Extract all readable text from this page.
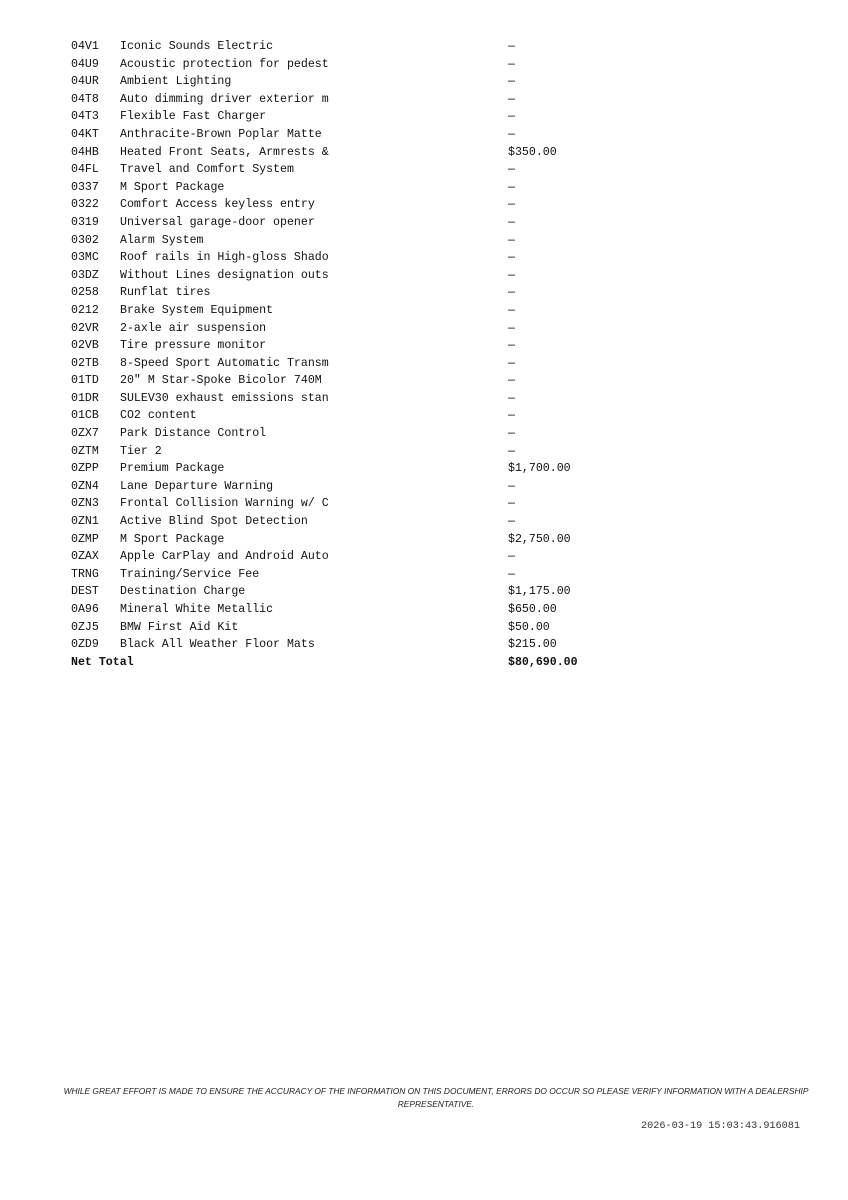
04V1 Iconic Sounds Electric	—
04U9 Acoustic protection for pedest	—
04UR Ambient Lighting	—
04T8 Auto dimming driver exterior m	—
04T3 Flexible Fast Charger	—
04KT Anthracite-Brown Poplar Matte	—
04HB Heated Front Seats, Armrests &	$350.00
04FL Travel and Comfort System	—
0337 M Sport Package	—
0322 Comfort Access keyless entry	—
0319 Universal garage-door opener	—
0302 Alarm System	—
03MC Roof rails in High-gloss Shado	—
03DZ Without Lines designation outs	—
0258 Runflat tires	—
0212 Brake System Equipment	—
02VR 2-axle air suspension	—
02VB Tire pressure monitor	—
02TB 8-Speed Sport Automatic Transm	—
01TD 20" M Star-Spoke Bicolor 740M	—
01DR SULEV30 exhaust emissions stan	—
01CB CO2 content	—
0ZX7 Park Distance Control	—
0ZTM Tier 2	—
0ZPP Premium Package	$1,700.00
0ZN4 Lane Departure Warning	—
0ZN3 Frontal Collision Warning w/ C	—
0ZN1 Active Blind Spot Detection	—
0ZMP M Sport Package	$2,750.00
0ZAX Apple CarPlay and Android Auto	—
TRNG Training/Service Fee	—
DEST Destination Charge	$1,175.00
0A96 Mineral White Metallic	$650.00
0ZJ5 BMW First Aid Kit	$50.00
0ZD9 Black All Weather Floor Mats	$215.00
Net Total	$80,690.00
WHILE GREAT EFFORT IS MADE TO ENSURE THE ACCURACY OF THE INFORMATION ON THIS DOCUMENT, ERRORS DO OCCUR SO PLEASE VERIFY INFORMATION WITH A DEALERSHIP REPRESENTATIVE.
2026-03-19 15:03:43.916081
